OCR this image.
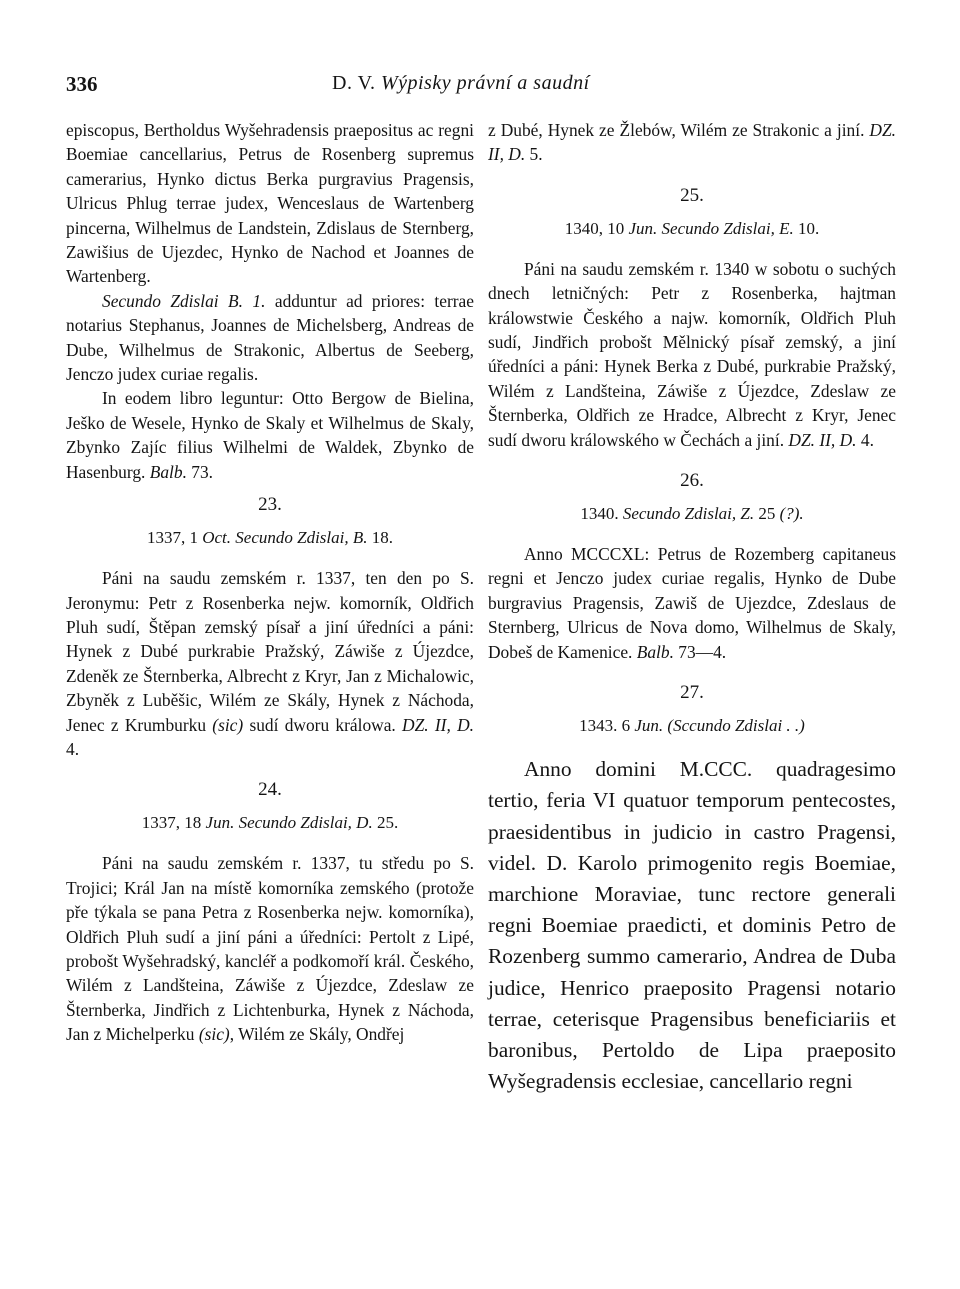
336	D. V. Wýpisky právní a saudní

episcopus, Bertholdus Wyšehradensis praepositus ac regni Boemiae cancellarius, Petrus de Rosenberg supremus camerarius, Hynko dictus Berka purgravius Pragensis, Ulricus Phlug terrae judex, Wenceslaus de Wartenberg pincerna, Wilhelmus de Landstein, Zdislaus de Sternberg, Zawišius de Ujezdec, Hynko de Nachod et Joannes de Wartenberg.

Secundo Zdislai B. 1. adduntur ad priores: terrae notarius Stephanus, Joannes de Michelsberg, Andreas de Dube, Wilhelmus de Strakonic, Albertus de Seeberg, Jenczo judex curiae regalis.

In eodem libro leguntur: Otto Bergow de Bielina, Ješko de Wesele, Hynko de Skaly et Wilhelmus de Skaly, Zbynko Zajíc filius Wilhelmi de Waldek, Zbynko de Hasenburg. Balb. 73.

23.

1337, 1 Oct. Secundo Zdislai, B. 18.

Páni na saudu zemském r. 1337, ten den po S. Jeronymu: Petr z Rosenberka nejw. komorník, Oldřich Pluh sudí, Štěpan zemský písař a jiní úředníci a páni: Hynek z Dubé purkrabie Pražský, Záwiše z Újezdce, Zdeněk ze Šternberka, Albrecht z Kryr, Jan z Michalowic, Zbyněk z Luběšic, Wilém ze Skály, Hynek z Náchoda, Jenec z Krumburku (sic) sudí dworu králowa. DZ. II, D. 4.

24.

1337, 18 Jun. Secundo Zdislai, D. 25.

Páni na saudu zemském r. 1337, tu středu po S. Trojici; Král Jan na místě komorníka zemského (protože pře týkala se pana Petra z Rosenberka nejw. komorníka), Oldřich Pluh sudí a jiní páni a úředníci: Pertolt z Lipé, probošt Wyšehradský, kancléř a podkomoří král. Českého, Wilém z Landšteina, Záwiše z Újezdce, Zdeslaw ze Šternberka, Jindřich z Lichtenburka, Hynek z Náchoda, Jan z Michelperku (sic), Wilém ze Skály, Ondřej

z Dubé, Hynek ze Žlebów, Wilém ze Strakonic a jiní. DZ. II, D. 5.

25.

1340, 10 Jun. Secundo Zdislai, E. 10.

Páni na saudu zemském r. 1340 w sobotu o suchých dnech letničných: Petr z Rosenberka, hajtman králowstwie Českého a najw. komorník, Oldřich Pluh sudí, Jindřich probošt Mělnický písař zemský, a jiní úředníci a páni: Hynek Berka z Dubé, purkrabie Pražský, Wilém z Landšteina, Záwiše z Újezdce, Zdeslaw ze Šternberka, Oldřich ze Hradce, Albrecht z Kryr, Jenec sudí dworu králowského w Čechách a jiní. DZ. II, D. 4.

26.

1340. Secundo Zdislai, Z. 25 (?).

Anno MCCCXL: Petrus de Rozemberg capitaneus regni et Jenczo judex curiae regalis, Hynko de Dube burgravius Pragensis, Zawiš de Ujezdce, Zdeslaus de Sternberg, Ulricus de Nova domo, Wilhelmus de Skaly, Dobeš de Kamenice. Balb. 73—4.

27.

1343. 6 Jun. (Sccundo Zdislai . .)

Anno domini M.CCC. quadragesimo tertio, feria VI quatuor temporum pentecostes, praesidentibus in judicio in castro Pragensi, videl. D. Karolo primogenito regis Boemiae, marchione Moraviae, tunc rectore generali regni Boemiae praedicti, et dominis Petro de Rozenberg summo camerario, Andrea de Duba judice, Henrico praeposito Pragensi notario terrae, ceterisque Pragensibus beneficiariis et baronibus, Pertoldo de Lipa praeposito Wyšegradensis ecclesiae, cancellario regni
